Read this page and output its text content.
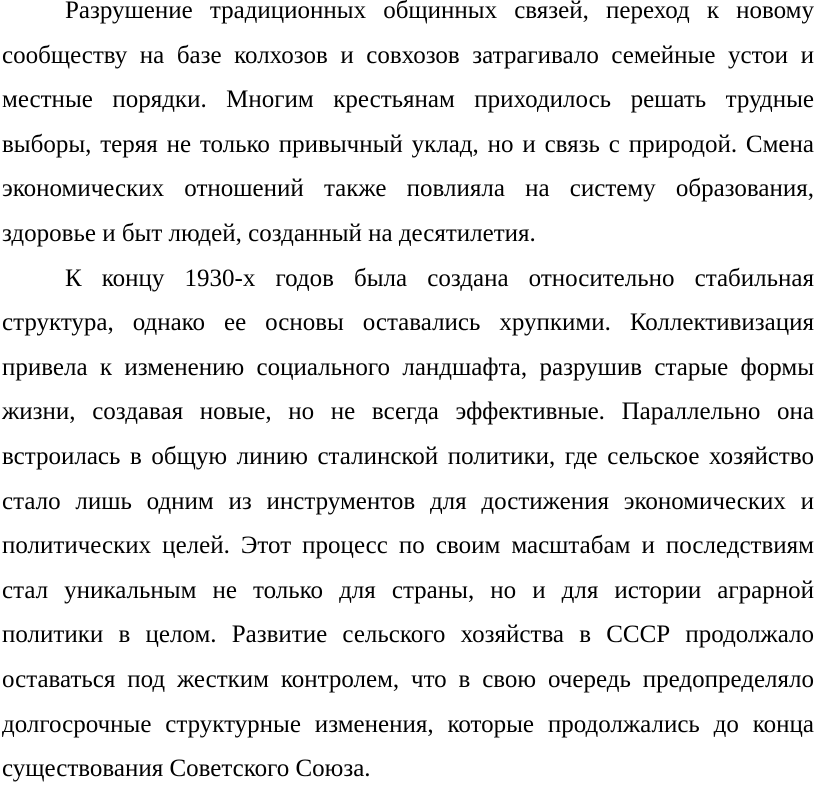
Разрушение традиционных общинных связей, переход к новому сообществу на базе колхозов и совхозов затрагивало семейные устои и местные порядки. Многим крестьянам приходилось решать трудные выборы, теряя не только привычный уклад, но и связь с природой. Смена экономических отношений также повлияла на систему образования, здоровье и быт людей, созданный на десятилетия.

К концу 1930-х годов была создана относительно стабильная структура, однако ее основы оставались хрупкими. Коллективизация привела к изменению социального ландшафта, разрушив старые формы жизни, создавая новые, но не всегда эффективные. Параллельно она встроилась в общую линию сталинской политики, где сельское хозяйство стало лишь одним из инструментов для достижения экономических и политических целей. Этот процесс по своим масштабам и последствиям стал уникальным не только для страны, но и для истории аграрной политики в целом. Развитие сельского хозяйства в СССР продолжало оставаться под жестким контролем, что в свою очередь предопределяло долгосрочные структурные изменения, которые продолжались до конца существования Советского Союза.
